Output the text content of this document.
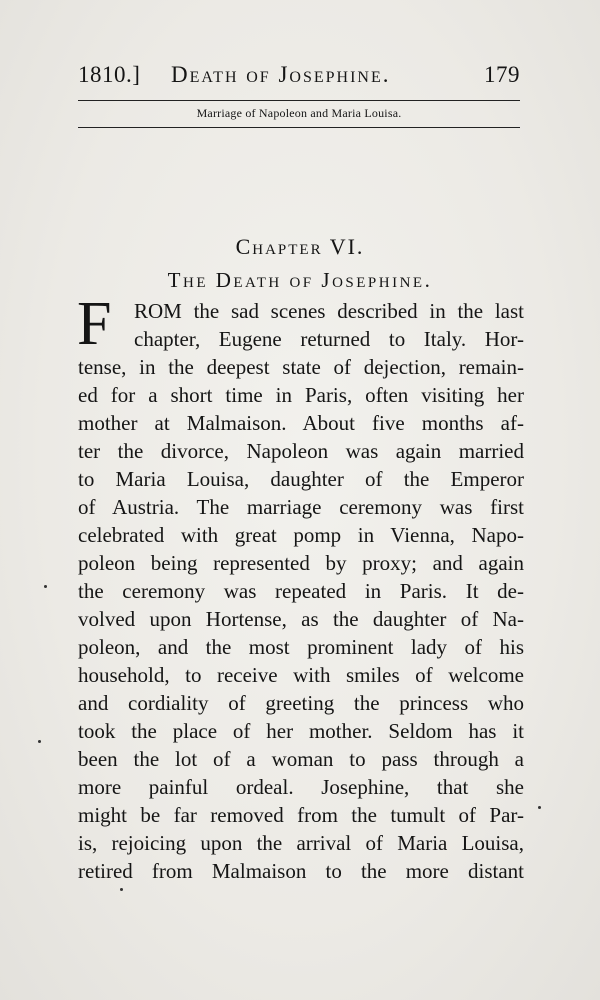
1810.] Death of Josephine.	179
Marriage of Napoleon and Maria Louisa.
Chapter VI.
The Death of Josephine.
F ROM the sad scenes described in the last
chapter, Eugene returned to Italy. Hor-
tense, in the deepest state of dejection, remain-
ed for a short time in Paris, often visiting her
mother at Malmaison. About five months af-
ter the divorce, Napoleon was again married
to Maria Louisa, daughter of the Emperor
of Austria. The marriage ceremony was first
celebrated with great pomp in Vienna, Napo-
poleon being represented by proxy; and again
the ceremony was repeated in Paris. It de-
volved upon Hortense, as the daughter of Na-
poleon, and the most prominent lady of his
household, to receive with smiles of welcome
and cordiality of greeting the princess who
took the place of her mother. Seldom has it
been the lot of a woman to pass through a
more painful ordeal. Josephine, that she
might be far removed from the tumult of Par-
is, rejoicing upon the arrival of Maria Louisa,
retired from Malmaison to the more distant
